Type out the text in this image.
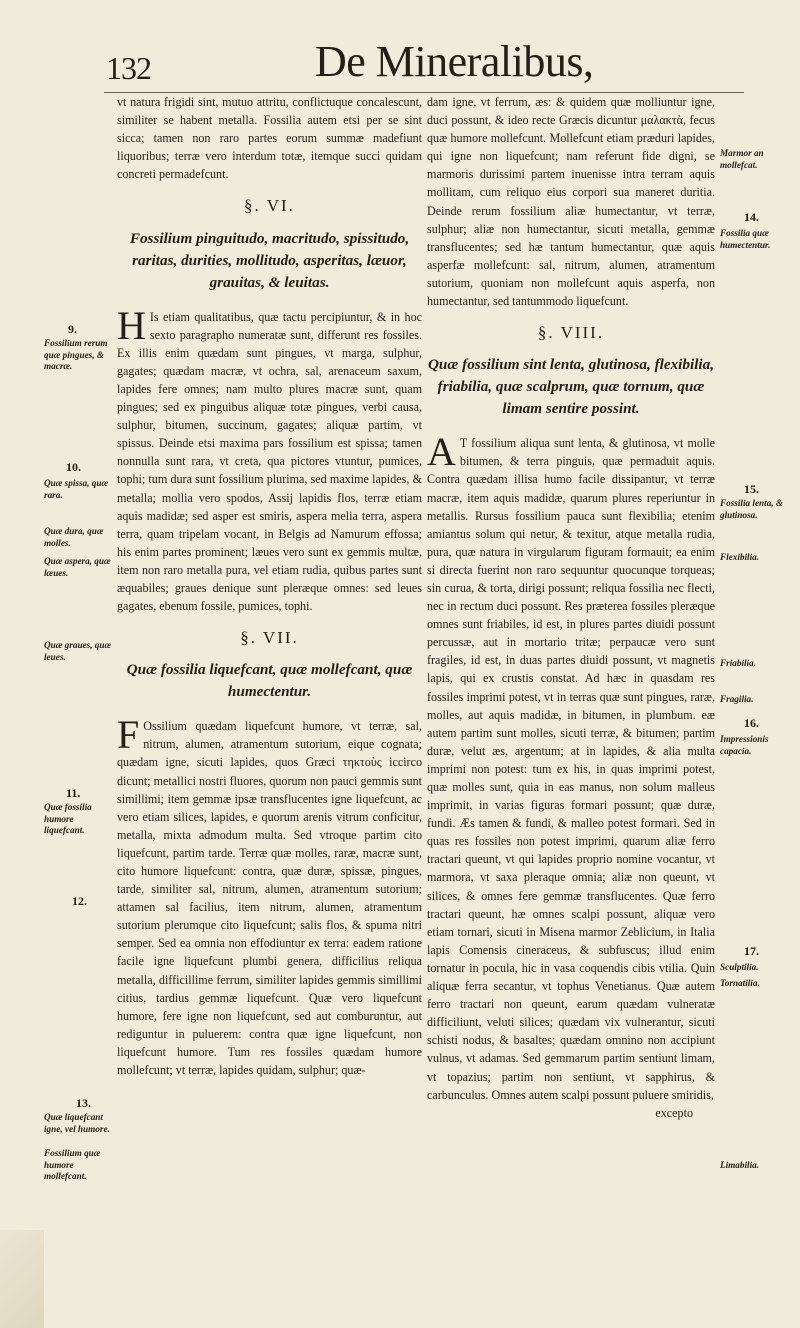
132	De Mineralibus,

vt natura frigidi sint, mutuo attritu, conflictuque concalescunt, similiter se habent metalla. Fossilia autem etsi per se sint sicca; tamen non raro partes eorum summæ madefiunt liquoribus; terræ vero interdum totæ, itemque succi quidam concreti permadefcunt.

§. VI.
Fossilium pinguitudo, macritudo, spissitudo, raritas, durities, mollitudo, asperitas, læuor, grauitas, & leuitas.

H Is etiam qualitatibus, quæ tactu percipiuntur, & in hoc sexto paragrapho numeratæ sunt, differunt res fossiles. Ex illis enim quædam sunt pingues, vt marga, sulphur, gagates; quædam macræ, vt ochra, sal, arenaceum saxum, lapides fere omnes; nam multo plures macræ sunt, quam pingues; sed ex pinguibus aliquæ totæ pingues, verbi causa, sulphur, bitumen, succinum, gagates; aliquæ partim, vt spissus. Deinde etsi maxima pars fossilium est spissa; tamen nonnulla sunt rara, vt creta, qua pictores vtuntur, pumices, tophi; tum dura sunt fossilium plurima, sed maxime lapides, & metalla; mollia vero spodos, Assij lapidis flos, terræ etiam aquis madidæ; sed asper est smiris, aspera melia terra, aspera terra, quam tripelam vocant, in Belgis ad Namurum effossa; his enim partes prominent; læues vero sunt ex gemmis multæ, item non raro metalla pura, vel etiam rudia, quibus partes sunt æquabiles; graues denique sunt pleræque omnes: sed leues gagates, ebenum fossile, pumices, tophi.

§. VII.
Quæ fossilia liquefcant, quæ mollefcant, quæ humectentur.

F Ossilium quædam liquefcunt humore, vt terræ, sal, nitrum, alumen, atramentum sutorium, eique cognata; quædam igne, sicuti lapides, quos Græci τηκτοὺς iccirco dicunt; metallici nostri fluores, quorum non pauci gemmis sunt simillimi; item gemmæ ipsæ transflucentes igne liquefcunt, ac vero etiam silices, lapides, e quorum arenis vitrum conficitur, metalla, mixta admodum multa. Sed vtroque partim cito liquefcunt, partim tarde. Terræ quæ molles, raræ, macræ sunt, cito humore liquefcunt: contra, quæ duræ, spissæ, pingues, tarde, similiter sal, nitrum, alumen, atramentum sutorium; attamen sal facilius, item nitrum, alumen, atramentum sutorium plerumque cito liquefcunt; salis flos, & spuma nitri semper. Sed ea omnia non effodiuntur ex terra: eadem ratione facile igne liquefcunt plumbi genera, difficilius reliqua metalla, difficillime ferrum, similiter lapides gemmis simillimi citius, tardius gemmæ liquefcunt. Quæ vero liquefcunt humore, fere igne non liquefcunt, sed aut comburuntur, aut rediguntur in puluerem: contra quæ igne liquefcunt, non liquefcunt humore. Tum res fossiles quædam humore mollefcunt; vt terræ, lapides quidam, sulphur; quæ-

dam igne, vt ferrum, æs: & quidem quæ molliuntur igne, duci possunt, & ideo recte Græcis dicuntur μαλακτὰ, fecus quæ humore mollefcunt. Mollefcunt etiam præduri lapides, qui igne non liquefcunt; nam referunt fide digni, se marmoris durissimi partem inuenisse intra terram aquis mollitam, cum reliquo eius corpori sua maneret duritia. Deinde rerum fossilium aliæ humectantur, vt terræ, sulphur; aliæ non humectantur, sicuti metalla, gemmæ transflucentes; sed hæ tantum humectantur, quæ aquis asperfæ mollefcunt: sal, nitrum, alumen, atramentum sutorium, quoniam non mollefcunt aquis asperfa, non humectantur, sed tantummodo liquefcunt.

§. VIII.
Quæ fossilium sint lenta, glutinosa, flexibilia, friabilia, quæ scalprum, quæ tornum, quæ limam sentire possint.

A T fossilium aliqua sunt lenta, & glutinosa, vt molle bitumen, & terra pinguis, quæ permaduit aquis. Contra quædam illisa humo facile dissipantur, vt terræ macræ, item aquis madidæ, quarum plures reperiuntur in metallis. Rursus fossilium pauca sunt flexibilia; etenim amiantus solum qui netur, & texitur, atque metalla rudia, pura, quæ natura in virgularum figuram formauit; ea enim si directa fuerint non raro sequuntur quocunque torqueas; sin curua, & torta, dirigi possunt; reliqua fossilia nec flecti, nec in rectum duci possunt. Res præterea fossiles pleræque omnes sunt friabiles, id est, in plures partes diuidi possunt percussæ, aut in mortario tritæ; perpaucæ vero sunt fragiles, id est, in duas partes diuidi possunt, vt magnetis lapis, qui ex crustis constat. Ad hæc in quasdam res fossiles imprimi potest, vt in terras quæ sunt pingues, raræ, molles, aut aquis madidæ, in bitumen, in plumbum. eæ autem partim sunt molles, sicuti terræ, & bitumen; partim duræ, velut æs, argentum; at in lapides, & alia multa imprimi non potest: tum ex his, in quas imprimi potest, quæ molles sunt, quia in eas manus, non solum malleus imprimit, in varias figuras formari possunt; quæ duræ, fundi. Æs tamen & fundi, & malleo potest formari. Sed in quas res fossiles non potest imprimi, quarum aliæ ferro tractari queunt, vt qui lapides proprio nomine vocantur, vt marmora, vt saxa pleraque omnia; aliæ non queunt, vt silices, & omnes fere gemmæ transflucentes. Quæ ferro tractari queunt, hæ omnes scalpi possunt, aliquæ vero etiam tornari, sicuti in Misena marmor Zeblicium, in Italia lapis Comensis cineraceus, & subfuscus; illud enim tornatur in pocula, hic in vasa coquendis cibis vtilia. Quin aliquæ ferra secantur, vt tophus Venetianus. Quæ autem ferro tractari non queunt, earum quædam vulneratæ difficiliunt, veluti silices; quædam vix vulnerantur, sicuti schisti nodus, & basaltes; quædam omnino non accipiunt vulnus, vt adamas. Sed gemmarum partim sentiunt limam, vt topazius; partim non sentiunt, vt sapphirus, & carbunculus. Omnes autem scalpi possunt puluere smiridis,

excepto

9.
Fossilium rerum quæ pingues, & macræ.
10.
Quæ spissa, quæ rara.
Quæ dura, quæ molles.
Quæ aspera, quæ læues.
Quæ graues, quæ leues.
11.
Quæ fossilia humore liquefcant.
12.
13.
Quæ liquefcant igne, vel humore.
Fossilium quæ humore mollefcant.
Marmor an mollefcat.
14.
Fossilia quæ humectentur.
15.
Fossilia lenta, & glutinosa.
Flexibilia.
Friabilia.
Fragilia.
16.
Impressionis capacia.
17.
Sculptilia.
Tornatilia.
Limabilia.
